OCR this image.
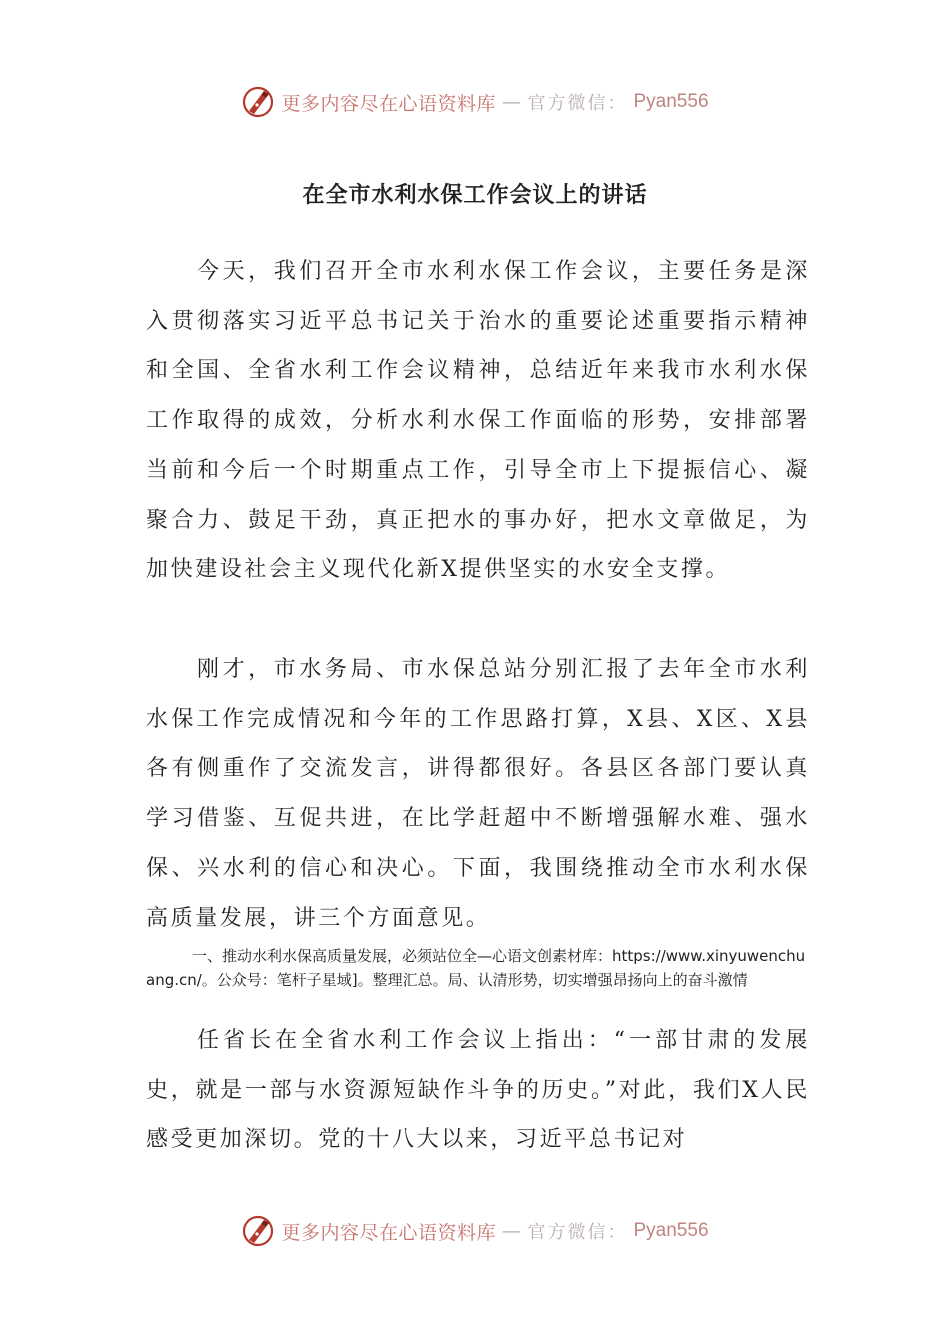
更多内容尽在心语资料库 — 官方微信： Pyan556
在全市水利水保工作会议上的讲话

今天，我们召开全市水利水保工作会议，主要任务是深入贯彻落实习近平总书记关于治水的重要论述重要指示精神和全国、全省水利工作会议精神，总结近年来我市水利水保工作取得的成效，分析水利水保工作面临的形势，安排部署当前和今后一个时期重点工作，引导全市上下提振信心、凝聚合力、鼓足干劲，真正把水的事办好，把水文章做足，为加快建设社会主义现代化新X提供坚实的水安全支撑。

刚才，市水务局、市水保总站分别汇报了去年全市水利水保工作完成情况和今年的工作思路打算，X县、X区、X县各有侧重作了交流发言，讲得都很好。各县区各部门要认真学习借鉴、互促共进，在比学赶超中不断增强解水难、强水保、兴水利的信心和决心。下面，我围绕推动全市水利水保高质量发展，讲三个方面意见。

一、推动水利水保高质量发展，必须站位全—心语文创素材库：https://www.xinyuwenchuang.cn/。公众号：笔杆子星域]。整理汇总。局、认清形势，切实增强昂扬向上的奋斗激情

任省长在全省水利工作会议上指出：“一部甘肃的发展史，就是一部与水资源短缺作斗争的历史。”对此，我们X人民感受更加深切。党的十八大以来，习近平总书记对

更多内容尽在心语资料库 — 官方微信： Pyan556
